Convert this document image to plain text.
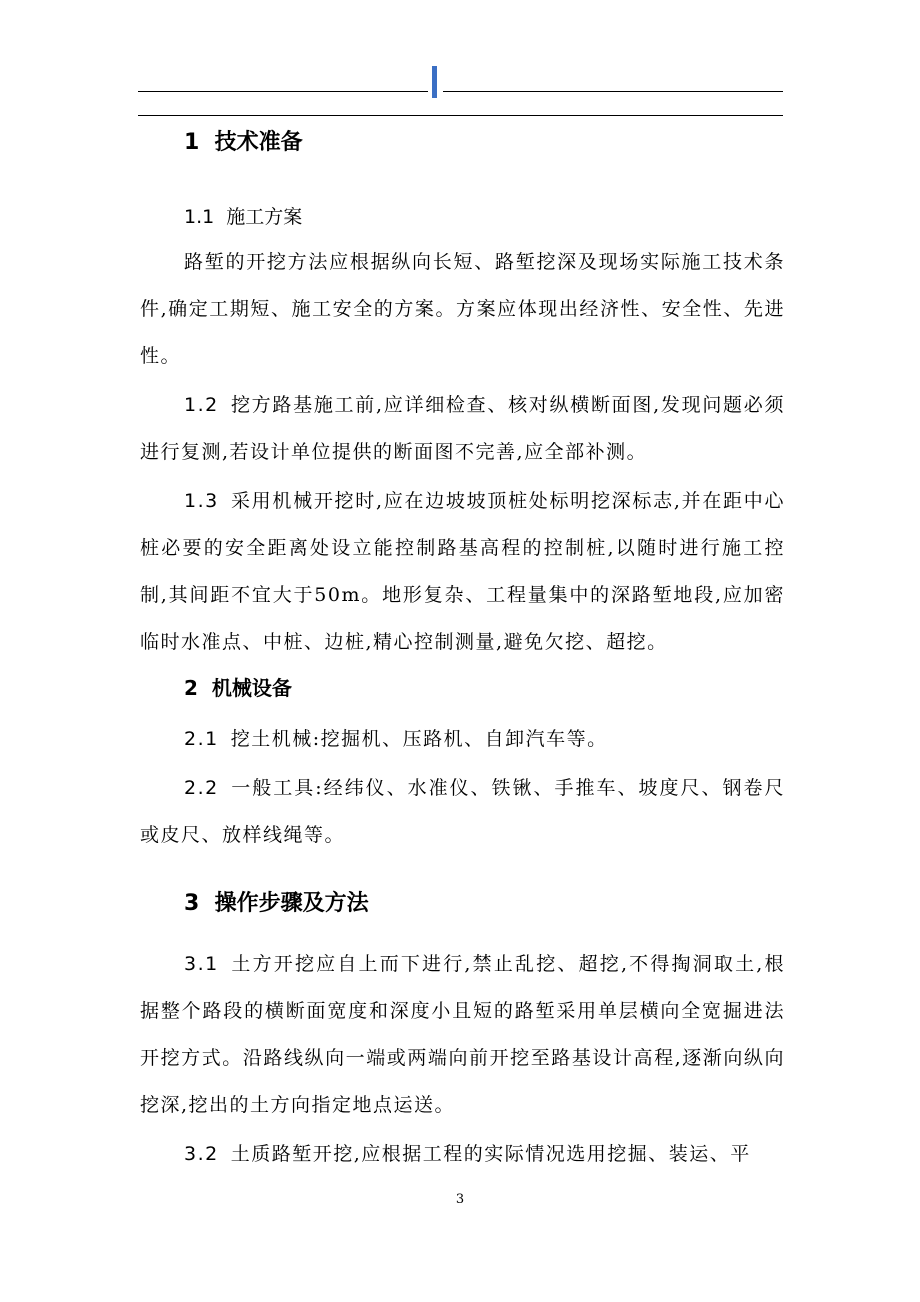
1 技术准备
1.1 施工方案
路堑的开挖方法应根据纵向长短、路堑挖深及现场实际施工技术条件,确定工期短、施工安全的方案。方案应体现出经济性、安全性、先进性。
1.2 挖方路基施工前,应详细检查、核对纵横断面图,发现问题必须进行复测,若设计单位提供的断面图不完善,应全部补测。
1.3 采用机械开挖时,应在边坡坡顶桩处标明挖深标志,并在距中心桩必要的安全距离处设立能控制路基高程的控制桩,以随时进行施工控制,其间距不宜大于50m。地形复杂、工程量集中的深路堑地段,应加密临时水准点、中桩、边桩,精心控制测量,避免欠挖、超挖。
2 机械设备
2.1 挖土机械:挖掘机、压路机、自卸汽车等。
2.2 一般工具:经纬仪、水准仪、铁锹、手推车、坡度尺、钢卷尺或皮尺、放样线绳等。
3 操作步骤及方法
3.1 土方开挖应自上而下进行,禁止乱挖、超挖,不得掏洞取土,根据整个路段的横断面宽度和深度小且短的路堑采用单层横向全宽掘进法开挖方式。沿路线纵向一端或两端向前开挖至路基设计高程,逐渐向纵向挖深,挖出的土方向指定地点运送。
3.2 土质路堑开挖,应根据工程的实际情况选用挖掘、装运、平
3
